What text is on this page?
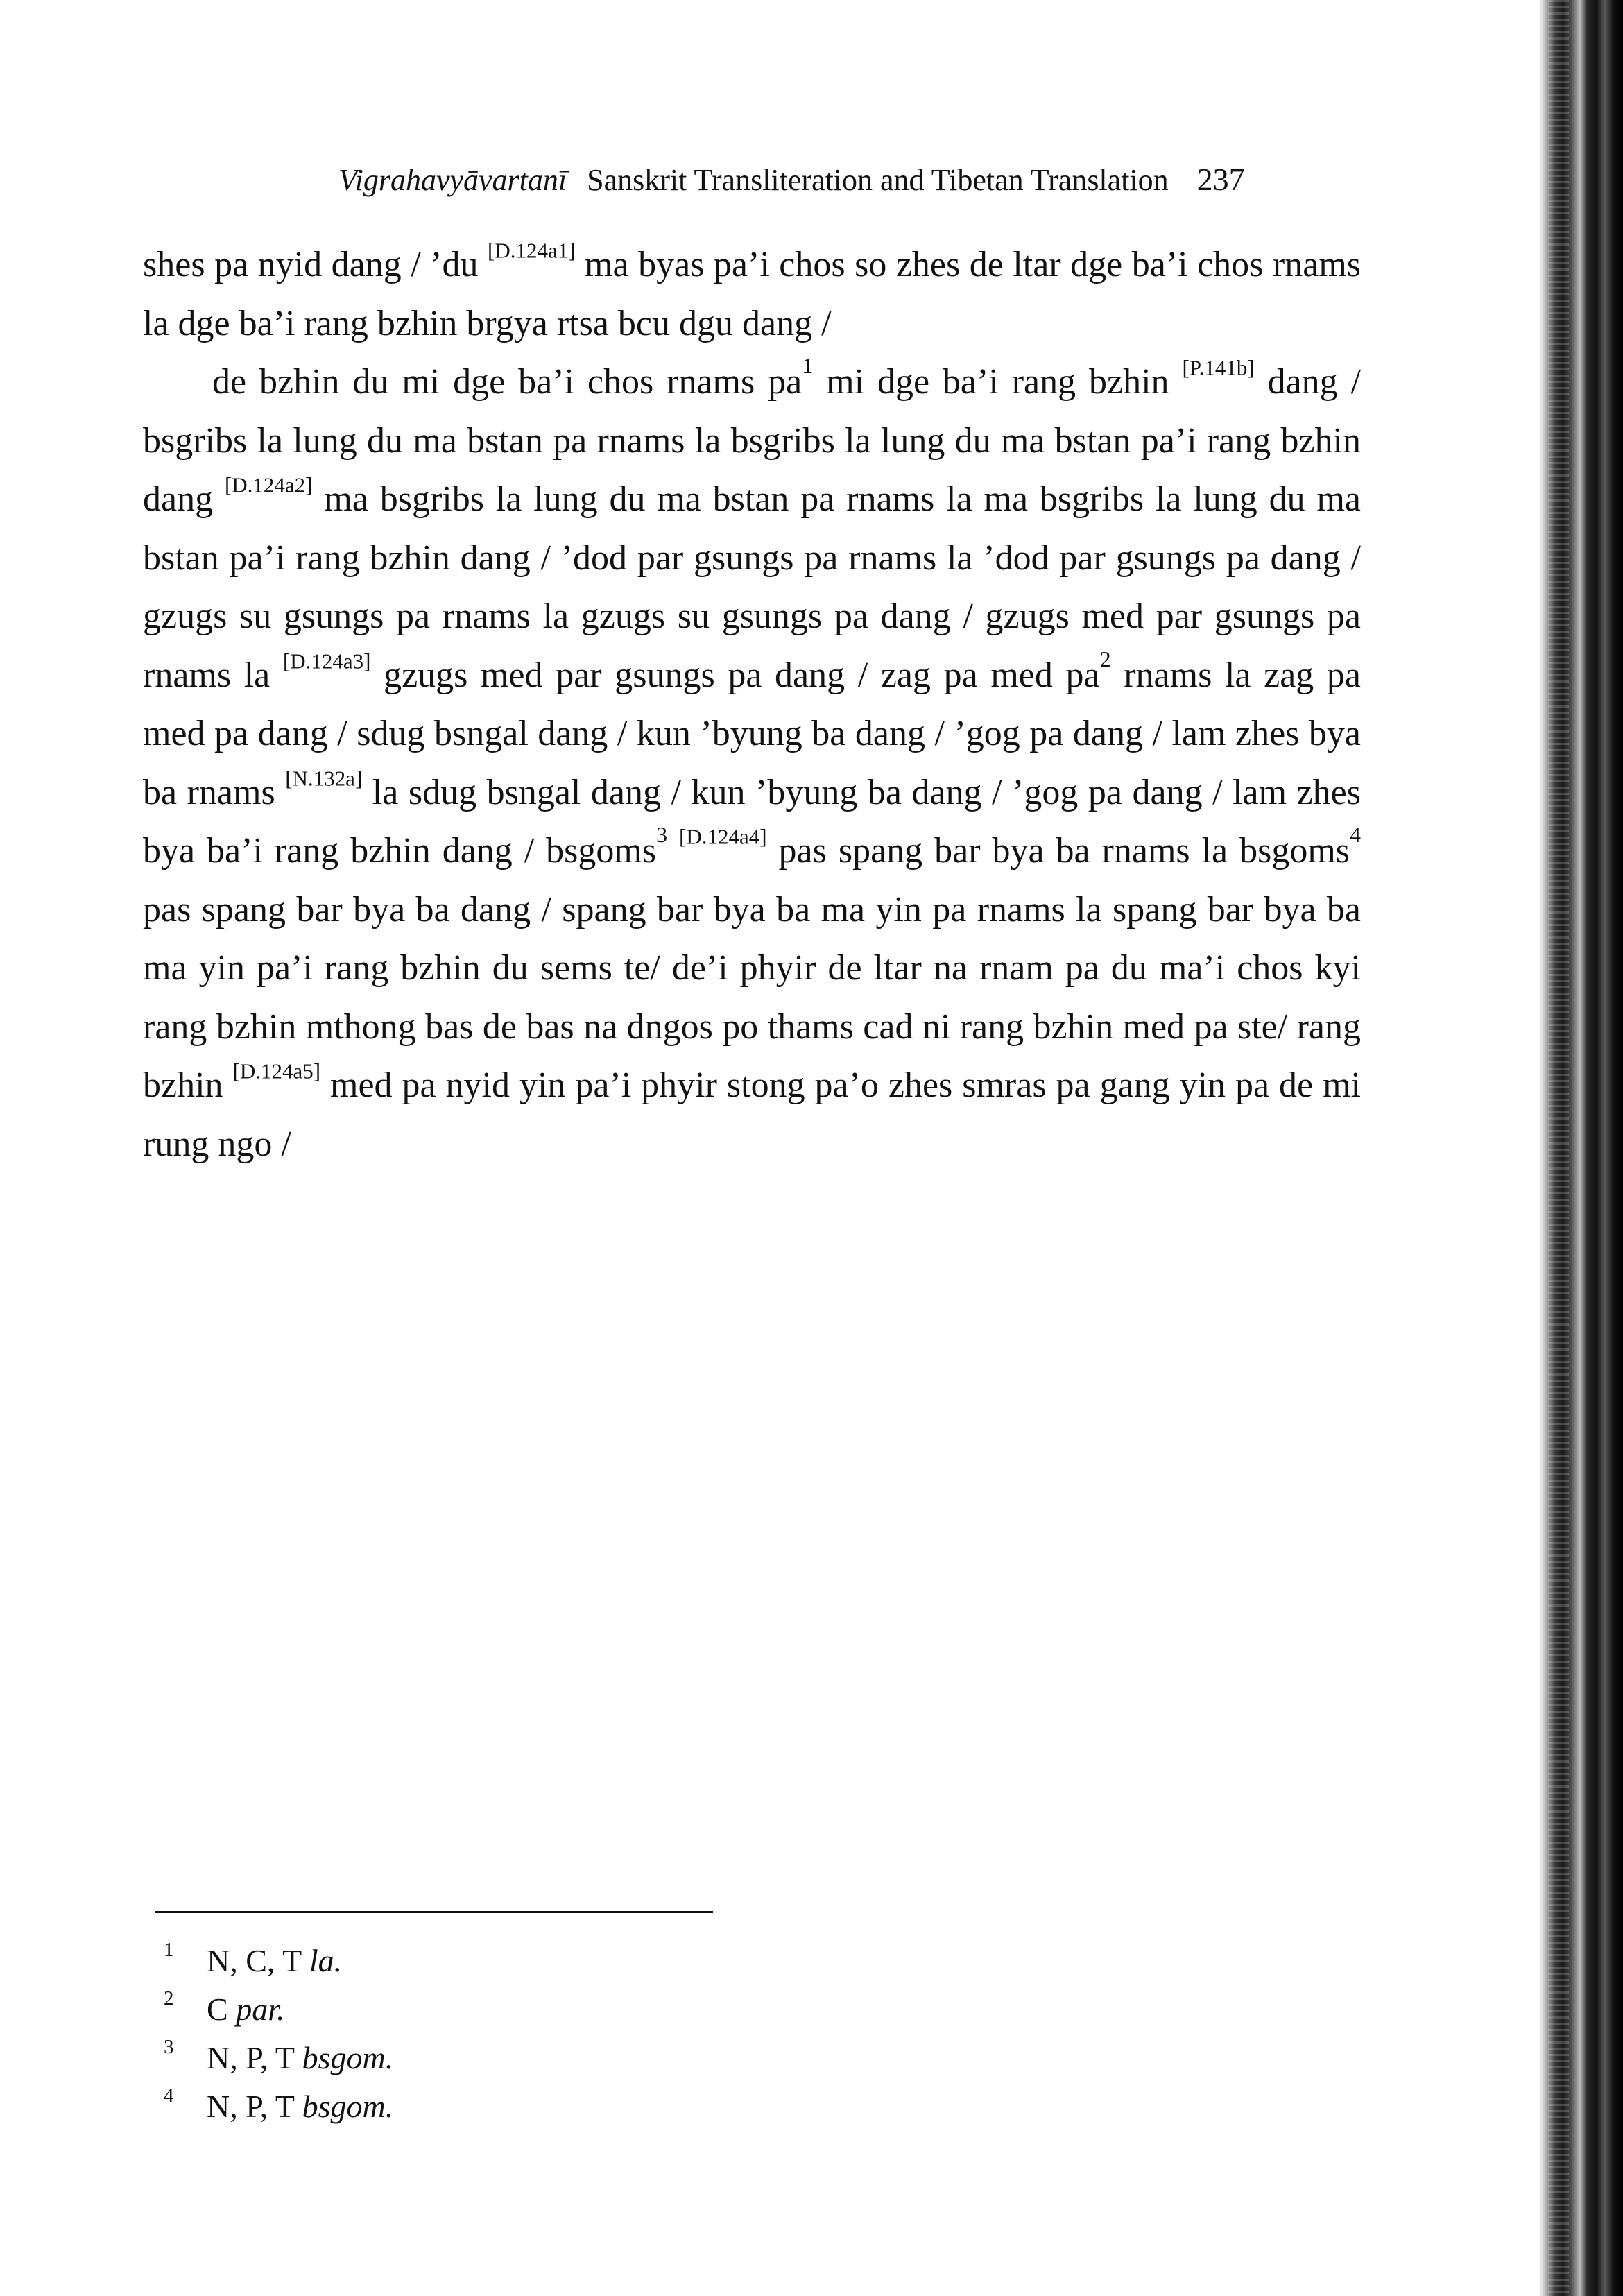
Vigrahavyāvartanī Sanskrit Transliteration and Tibetan Translation 237

shes pa nyid dang / ’du [D.124a1] ma byas pa’i chos so zhes de ltar dge ba’i chos rnams la dge ba’i rang bzhin brgya rtsa bcu dgu dang /

de bzhin du mi dge ba’i chos rnams pa$^1$ mi dge ba’i rang bzhin [P.141b] dang / bsgribs la lung du ma bstan pa rnams la bsgribs la lung du ma bstan pa’i rang bzhin dang [D.124a2] ma bsgribs la lung du ma bstan pa rnams la ma bsgribs la lung du ma bstan pa’i rang bzhin dang / ’dod par gsungs pa rnams la ’dod par gsungs pa dang / gzugs su gsungs pa rnams la gzugs su gsungs pa dang / gzugs med par gsungs pa rnams la [D.124a3] gzugs med par gsungs pa dang / zag pa med pa$^2$ rnams la zag pa med pa dang / sdug bsngal dang / kun ’byung ba dang / ’gog pa dang / lam zhes bya ba rnams [N.132a] la sdug bsngal dang / kun ’byung ba dang / ’gog pa dang / lam zhes bya ba’i rang bzhin dang / bsgoms$^3$ [D.124a4] pas spang bar bya ba rnams la bsgoms$^4$ pas spang bar bya ba dang / spang bar bya ba ma yin pa rnams la spang bar bya ba ma yin pa’i rang bzhin du sems te/ de’i phyir de ltar na rnam pa du ma’i chos kyi rang bzhin mthong bas de bas na dngos po thams cad ni rang bzhin med pa ste/ rang bzhin [D.124a5] med pa nyid yin pa’i phyir stong pa’o zhes smras pa gang yin pa de mi rung ngo /

1 N, C, T la.
2 C par.
3 N, P, T bsgom.
4 N, P, T bsgom.
